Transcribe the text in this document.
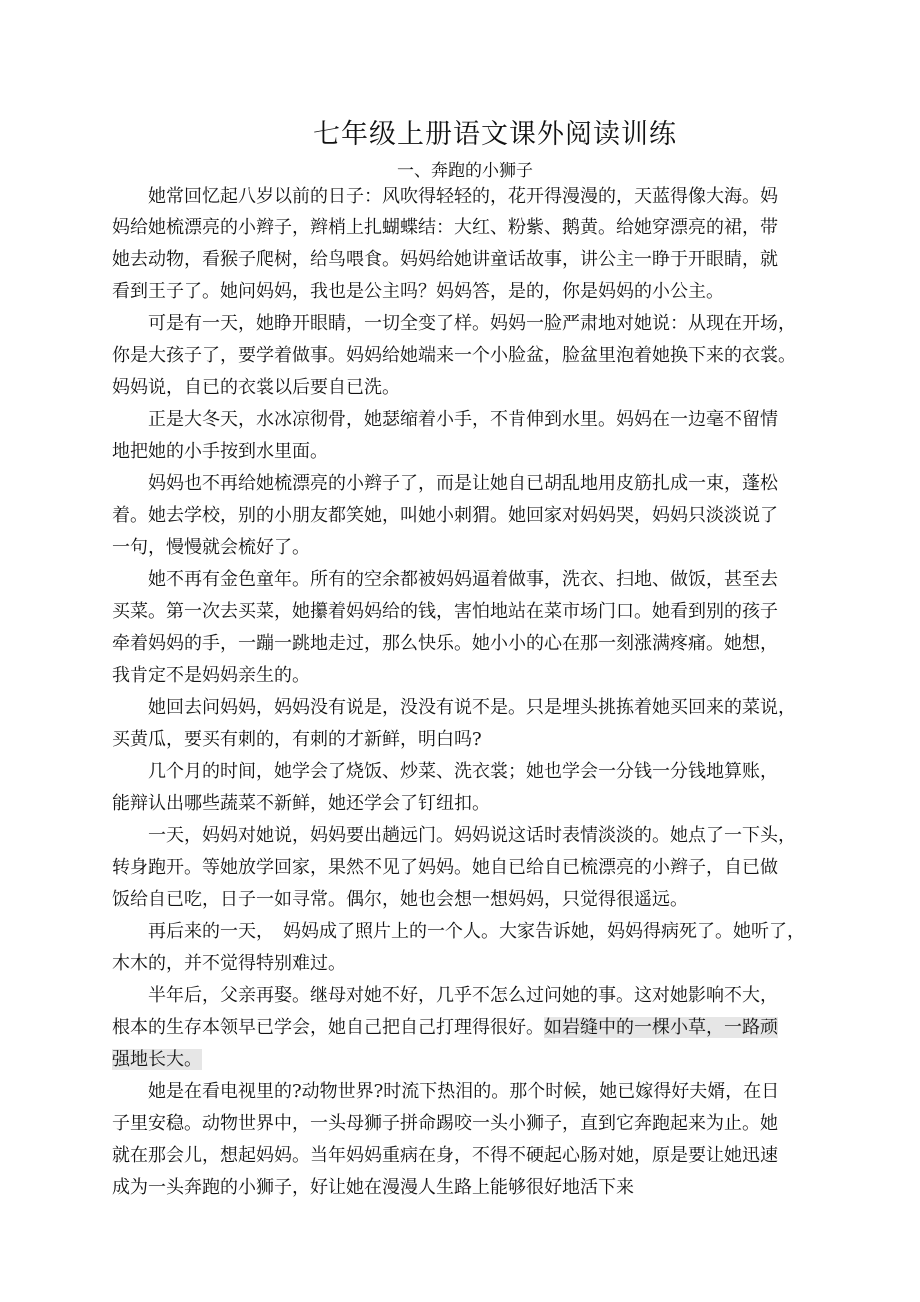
七年级上册语文课外阅读训练
一、奔跑的小狮子
　　她常回忆起八岁以前的日子：风吹得轻轻的，花开得漫漫的，天蓝得像大海。妈
妈给她梳漂亮的小辫子，辫梢上扎蝴蝶结：大红、粉紫、鹅黄。给她穿漂亮的裙，带
她去动物，看猴子爬树，给鸟喂食。妈妈给她讲童话故事，讲公主一睁于开眼睛，就
看到王子了。她问妈妈，我也是公主吗？妈妈答，是的，你是妈妈的小公主。
　　可是有一天，她睁开眼睛，一切全变了样。妈妈一脸严肃地对她说：从现在开场，
你是大孩子了，要学着做事。妈妈给她端来一个小脸盆，脸盆里泡着她换下来的衣裳。
妈妈说，自已的衣裳以后要自已洗。
　　正是大冬天，水冰凉彻骨，她瑟缩着小手，不肯伸到水里。妈妈在一边毫不留情
地把她的小手按到水里面。
　　妈妈也不再给她梳漂亮的小辫子了，而是让她自已胡乱地用皮筋扎成一束，蓬松
着。她去学校，别的小朋友都笑她，叫她小刺猬。她回家对妈妈哭，妈妈只淡淡说了
一句，慢慢就会梳好了。
　　她不再有金色童年。所有的空余都被妈妈逼着做事，洗衣、扫地、做饭，甚至去
买菜。第一次去买菜，她攥着妈妈给的钱，害怕地站在菜市场门口。她看到别的孩子
牵着妈妈的手，一蹦一跳地走过，那么快乐。她小小的心在那一刻涨满疼痛。她想，
我肯定不是妈妈亲生的。
　　她回去问妈妈，妈妈没有说是，没没有说不是。只是埋头挑拣着她买回来的菜说，
买黄瓜，要买有刺的，有刺的才新鲜，明白吗?
　　几个月的时间，她学会了烧饭、炒菜、洗衣裳；她也学会一分钱一分钱地算账，
能辩认出哪些蔬菜不新鲜，她还学会了钉纽扣。
　　一天，妈妈对她说，妈妈要出趟远门。妈妈说这话时表情淡淡的。她点了一下头，
转身跑开。等她放学回家，果然不见了妈妈。她自已给自已梳漂亮的小辫子，自已做
饭给自已吃，日子一如寻常。偶尔，她也会想一想妈妈，只觉得很遥远。
　　再后来的一天，　妈妈成了照片上的一个人。大家告诉她，妈妈得病死了。她听了，
木木的，并不觉得特别难过。
　　半年后，父亲再娶。继母对她不好，几乎不怎么过问她的事。这对她影响不大，
根本的生存本领早已学会，她自己把自己打理得很好。如岩缝中的一棵小草，一路顽
强地长大。
　　她是在看电视里的?动物世界?时流下热泪的。那个时候，她已嫁得好夫婿，在日
子里安稳。动物世界中，一头母狮子拼命踢咬一头小狮子，直到它奔跑起来为止。她
就在那会儿，想起妈妈。当年妈妈重病在身，不得不硬起心肠对她，原是要让她迅速
成为一头奔跑的小狮子，好让她在漫漫人生路上能够很好地活下来
